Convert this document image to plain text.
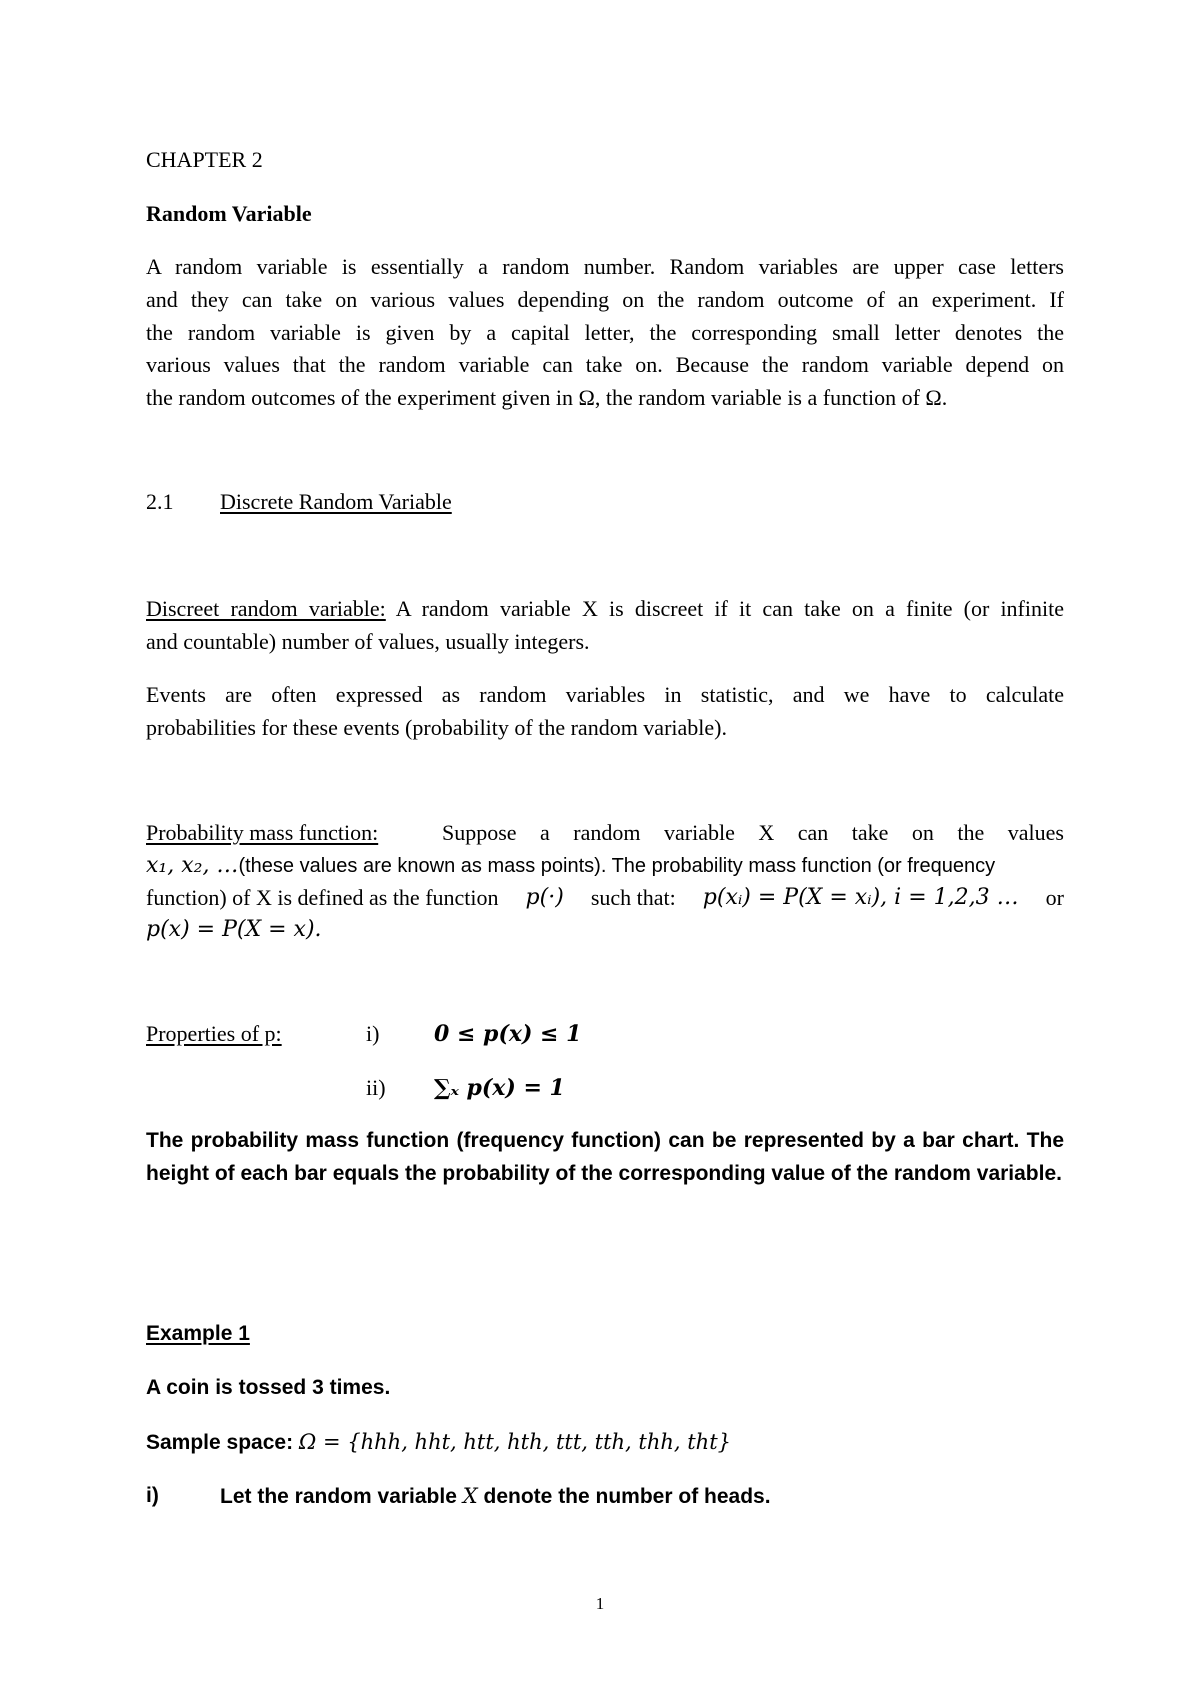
CHAPTER 2
Random Variable
A random variable is essentially a random number. Random variables are upper case letters
and they can take on various values depending on the random outcome of an experiment. If
the random variable is given by a capital letter, the corresponding small letter denotes the
various values that the random variable can take on. Because the random variable depend on
the random outcomes of the experiment given in Ω, the random variable is a function of Ω.
2.1 Discrete Random Variable
Discreet random variable: A random variable X is discreet if it can take on a finite (or infinite
and countable) number of values, usually integers.
Events are often expressed as random variables in statistic, and we have to calculate
probabilities for these events (probability of the random variable).
Probability mass function:	Suppose a random variable X can take on the values
x₁, x₂, …(these values are known as mass points). The probability mass function (or frequency
function) of X is defined as the function p(·) such that: p(xᵢ) = P(X = xᵢ), i = 1,2,3 … or
p(x) = P(X = x).
Properties of p:	i) 0 ≤ p(x) ≤ 1
ii) ∑ₓ p(x) = 1
The probability mass function (frequency function) can be represented by a bar chart. The
height of each bar equals the probability of the corresponding value of the random variable.
Example 1
A coin is tossed 3 times.
Sample space: Ω = {hhh, hht, htt, hth, ttt, tth, thh, tht}
i)	Let the random variable X denote the number of heads.
1
